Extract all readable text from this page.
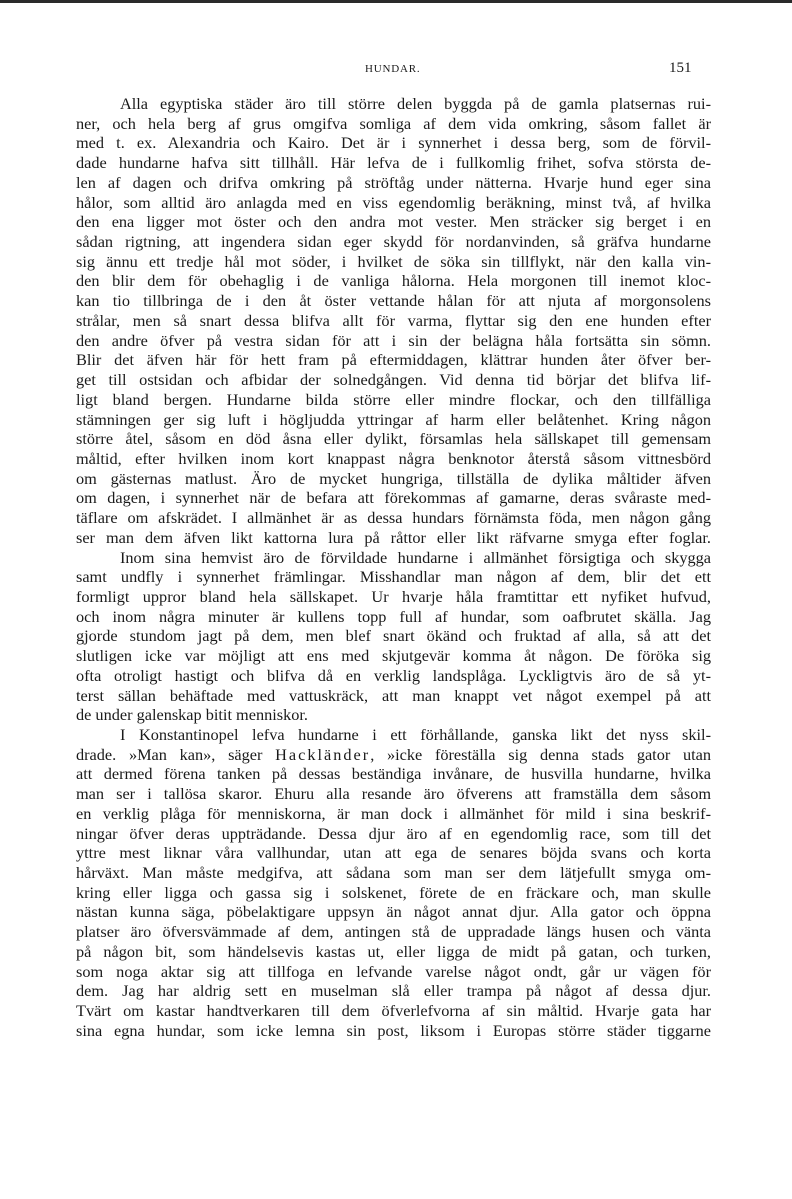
HUNDAR.	151
Alla egyptiska städer äro till större delen byggda på de gamla platsernas rui-
ner, och hela berg af grus omgifva somliga af dem vida omkring, såsom fallet är
med t. ex. Alexandria och Kairo. Det är i synnerhet i dessa berg, som de förvil-
dade hundarne hafva sitt tillhåll. Här lefva de i fullkomlig frihet, sofva största de-
len af dagen och drifva omkring på ströftåg under nätterna. Hvarje hund eger sina
hålor, som alltid äro anlagda med en viss egendomlig beräkning, minst två, af hvilka
den ena ligger mot öster och den andra mot vester. Men sträcker sig berget i en
sådan rigtning, att ingendera sidan eger skydd för nordanvinden, så gräfva hundarne
sig ännu ett tredje hål mot söder, i hvilket de söka sin tillflykt, när den kalla vin-
den blir dem för obehaglig i de vanliga hålorna. Hela morgonen till inemot kloc-
kan tio tillbringa de i den åt öster vettande hålan för att njuta af morgonsolens
strålar, men så snart dessa blifva allt för varma, flyttar sig den ene hunden efter
den andre öfver på vestra sidan för att i sin der belägna håla fortsätta sin sömn.
Blir det äfven här för hett fram på eftermiddagen, klättrar hunden åter öfver ber-
get till ostsidan och afbidar der solnedgången. Vid denna tid börjar det blifva lif-
ligt bland bergen. Hundarne bilda större eller mindre flockar, och den tillfälliga
stämningen ger sig luft i högljudda yttringar af harm eller belåtenhet. Kring någon
större åtel, såsom en död åsna eller dylikt, församlas hela sällskapet till gemensam
måltid, efter hvilken inom kort knappast några benknotor återstå såsom vittnesbörd
om gästernas matlust. Äro de mycket hungriga, tillställa de dylika måltider äfven
om dagen, i synnerhet när de befara att förekommas af gamarne, deras svåraste med-
täflare om afskrädet. I allmänhet är as dessa hundars förnämsta föda, men någon gång
ser man dem äfven likt kattorna lura på råttor eller likt räfvarne smyga efter foglar.
Inom sina hemvist äro de förvildade hundarne i allmänhet försigtiga och skygga
samt undfly i synnerhet främlingar. Misshandlar man någon af dem, blir det ett
formligt uppror bland hela sällskapet. Ur hvarje håla framtittar ett nyfiket hufvud,
och inom några minuter är kullens topp full af hundar, som oafbrutet skälla. Jag
gjorde stundom jagt på dem, men blef snart ökänd och fruktad af alla, så att det
slutligen icke var möjligt att ens med skjutgevär komma åt någon. De föröka sig
ofta otroligt hastigt och blifva då en verklig landsplåga. Lyckligtvis äro de så yt-
terst sällan behäftade med vattuskräck, att man knappt vet något exempel på att
de under galenskap bitit menniskor.
I Konstantinopel lefva hundarne i ett förhållande, ganska likt det nyss skil-
drade. »Man kan», säger Hackländer, »icke föreställa sig denna stads gator utan
att dermed förena tanken på dessas beständiga invånare, de husvilla hundarne, hvilka
man ser i tallösa skaror. Ehuru alla resande äro öfverens att framställa dem såsom
en verklig plåga för menniskorna, är man dock i allmänhet för mild i sina beskrif-
ningar öfver deras uppträdande. Dessa djur äro af en egendomlig race, som till det
yttre mest liknar våra vallhundar, utan att ega de senares böjda svans och korta
hårväxt. Man måste medgifva, att sådana som man ser dem lätjefullt smyga om-
kring eller ligga och gassa sig i solskenet, förete de en fräckare och, man skulle
nästan kunna säga, pöbelaktigare uppsyn än något annat djur. Alla gator och öppna
platser äro öfversvämmade af dem, antingen stå de uppradade längs husen och vänta
på någon bit, som händelsevis kastas ut, eller ligga de midt på gatan, och turken,
som noga aktar sig att tillfoga en lefvande varelse något ondt, går ur vägen för
dem. Jag har aldrig sett en muselman slå eller trampa på något af dessa djur.
Tvärt om kastar handtverkaren till dem öfverlefvorna af sin måltid. Hvarje gata har
sina egna hundar, som icke lemna sin post, liksom i Europas större städer tiggarne
